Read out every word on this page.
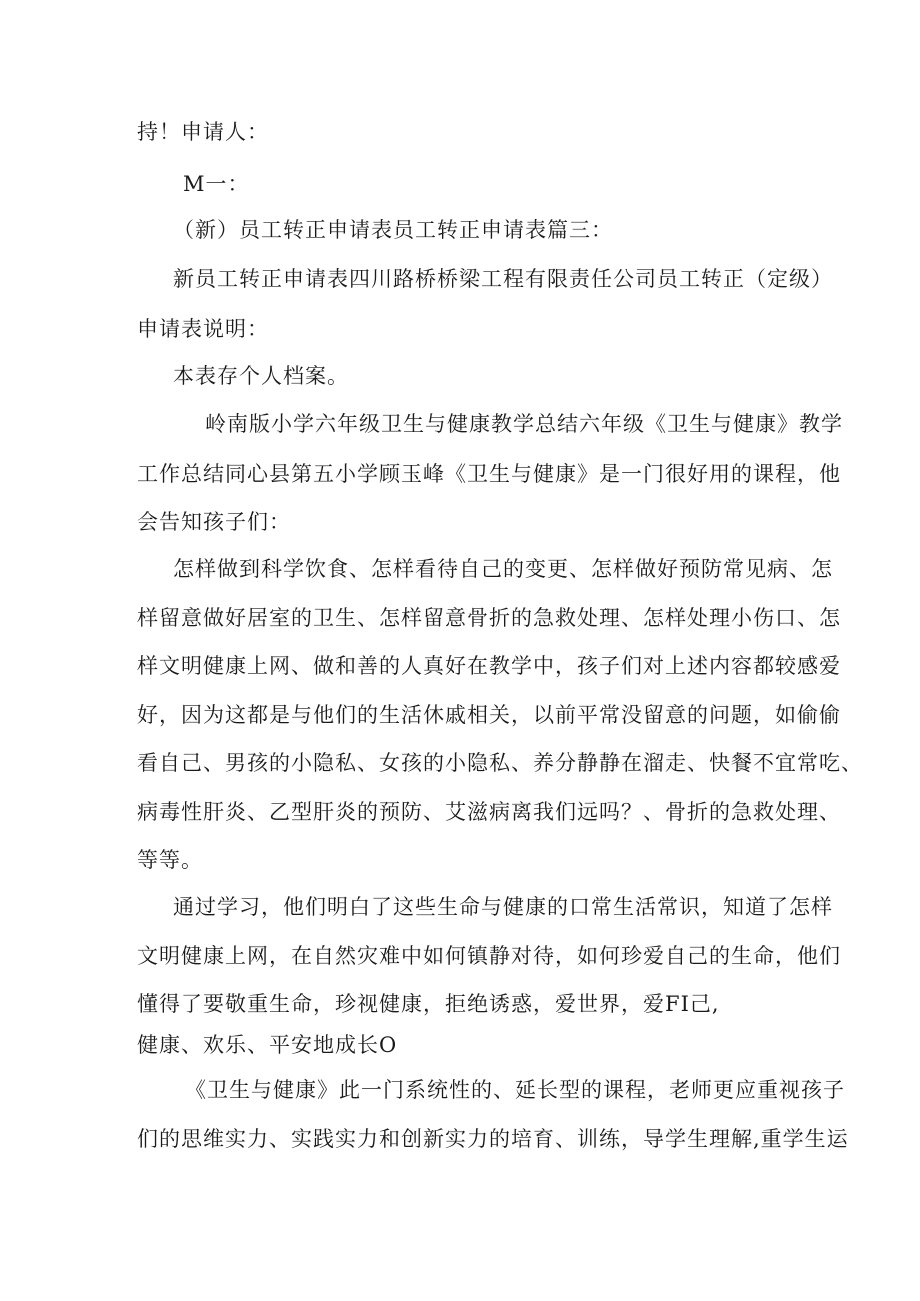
持！申请人：

M一：

（新）员工转正申请表员工转正申请表篇三：

新员工转正申请表四川路桥桥梁工程有限责任公司员工转正（定级）

申请表说明：

本表存个人档案。

岭南版小学六年级卫生与健康教学总结六年级《卫生与健康》教学

工作总结同心县第五小学顾玉峰《卫生与健康》是一门很好用的课程，他

会告知孩子们：

怎样做到科学饮食、怎样看待自己的变更、怎样做好预防常见病、怎

样留意做好居室的卫生、怎样留意骨折的急救处理、怎样处理小伤口、怎

样文明健康上网、做和善的人真好在教学中，孩子们对上述内容都较感爱

好，因为这都是与他们的生活休戚相关，以前平常没留意的问题，如偷偷

看自己、男孩的小隐私、女孩的小隐私、养分静静在溜走、快餐不宜常吃、

病毒性肝炎、乙型肝炎的预防、艾滋病离我们远吗？、骨折的急救处理、

等等。

通过学习，他们明白了这些生命与健康的口常生活常识，知道了怎样

文明健康上网，在自然灾难中如何镇静对待，如何珍爱自己的生命，他们

懂得了要敬重生命，珍视健康，拒绝诱惑，爱世界，爱FI己,

健康、欢乐、平安地成长O

《卫生与健康》此一门系统性的、延长型的课程，老师更应重视孩子

们的思维实力、实践实力和创新实力的培育、训练，导学生理解,重学生运
